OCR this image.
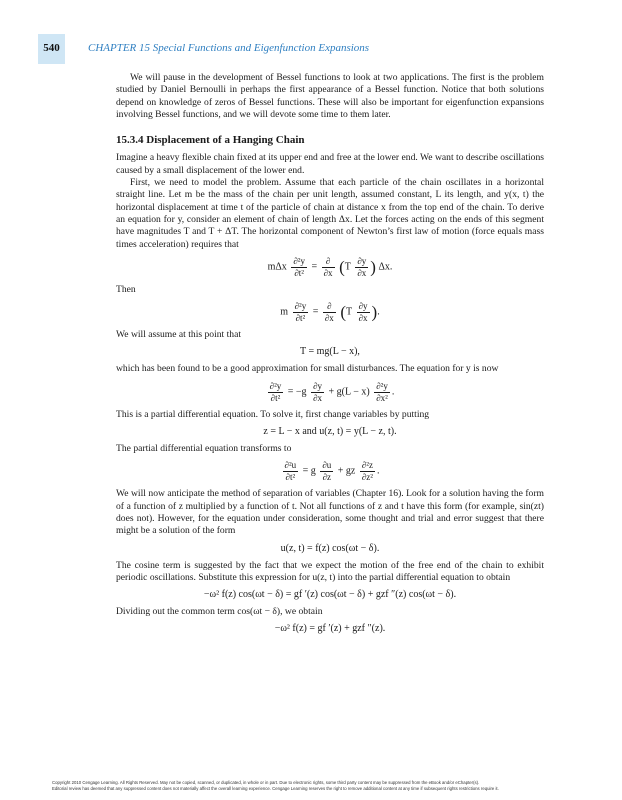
540	CHAPTER 15 Special Functions and Eigenfunction Expansions

We will pause in the development of Bessel functions to look at two applications. The first is the problem studied by Daniel Bernoulli in perhaps the first appearance of a Bessel function. Notice that both solutions depend on knowledge of zeros of Bessel functions. These will also be important for eigenfunction expansions involving Bessel functions, and we will devote some time to them later.

15.3.4 Displacement of a Hanging Chain

Imagine a heavy flexible chain fixed at its upper end and free at the lower end. We want to describe oscillations caused by a small displacement of the lower end.

First, we need to model the problem. Assume that each particle of the chain oscillates in a horizontal straight line. Let m be the mass of the chain per unit length, assumed constant, L its length, and y(x, t) the horizontal displacement at time t of the particle of chain at distance x from the top end of the chain. To derive an equation for y, consider an element of chain of length Δx. Let the forces acting on the ends of this segment have magnitudes T and T + ΔT. The horizontal component of Newton’s first law of motion (force equals mass times acceleration) requires that

mΔx $\frac{\text{∂²y}}{\text{∂t²}} = \frac{\partial}{\partial x} (T \frac{\partial y}{\partial x}$ ) Δx.

Then

m $\frac{\text{∂²y}}{\text{∂t²}} = \frac{\partial}{\partial x} (T \frac{\partial y}{\partial x}$ ).

We will assume at this point that

T = mg(L − x),

which has been found to be a good approximation for small disturbances. The equation for y is now

$\frac{\text{∂²y}}{\text{∂t²}} = -g \frac{\partial y}{\partial x} + g(L - x) \frac{\text{∂²y}}{\text{∂x²}}$ .

This is a partial differential equation. To solve it, first change variables by putting

z = L − x and u(z, t) = y(L − z, t).

The partial differential equation transforms to

$\frac{\text{∂²u}}{\text{∂t²}} = g \frac{\partial u}{\partial z}$ + gz $\frac{\text{∂²z}}{\text{∂z²}}$ .

We will now anticipate the method of separation of variables (Chapter 16). Look for a solution having the form of a function of z multiplied by a function of t. Not all functions of z and t have this form (for example, sin(zt) does not). However, for the equation under consideration, some thought and trial and error suggest that there might be a solution of the form

u(z, t) = f(z) cos(ωt − δ).

The cosine term is suggested by the fact that we expect the motion of the free end of the chain to exhibit periodic oscillations. Substitute this expression for u(z, t) into the partial differential equation to obtain

−ω² f(z) cos(ωt − δ) = gf ′(z) cos(ωt − δ) + gzf ″(z) cos(ωt − δ).

Dividing out the common term cos(ωt − δ), we obtain

−ω² f(z) = gf ′(z) + gzf ″(z).
Copyright 2010 Cengage Learning. All Rights Reserved. May not be copied, scanned, or duplicated, in whole or in part. Due to electronic rights, some third party content may be suppressed from the eBook and/or eChapter(s).
Editorial review has deemed that any suppressed content does not materially affect the overall learning experience. Cengage Learning reserves the right to remove additional content at any time if subsequent rights restrictions require it.
